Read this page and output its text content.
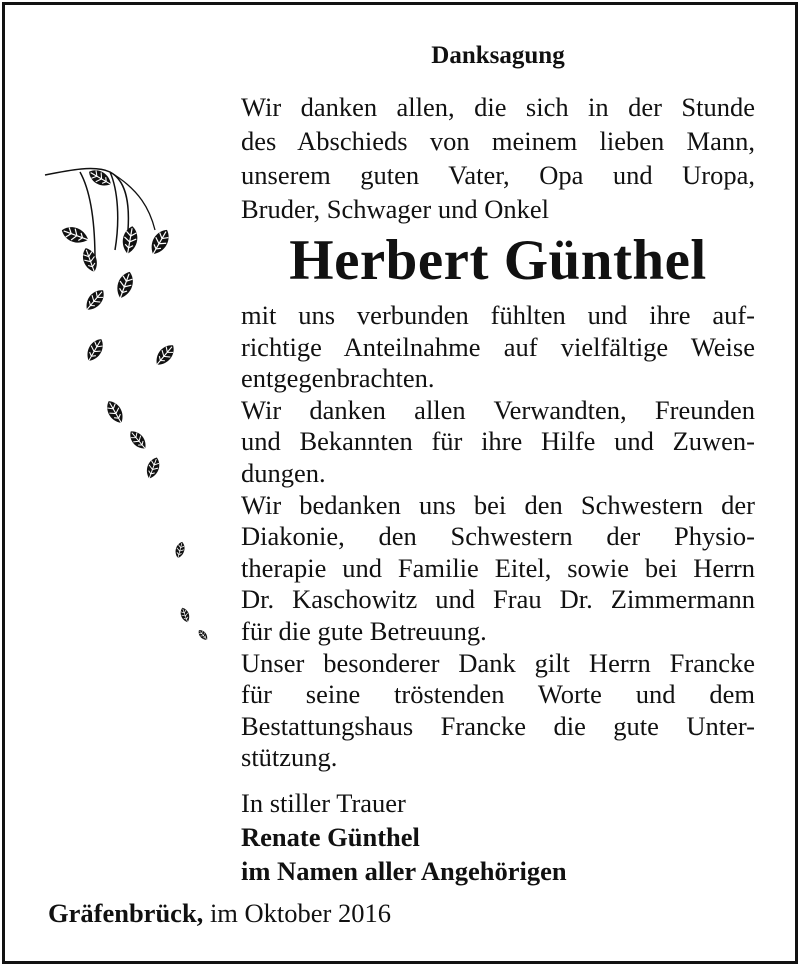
Danksagung
Wir danken allen, die sich in der Stunde
des Abschieds von meinem lieben Mann,
unserem guten Vater, Opa und Uropa,
Bruder, Schwager und Onkel
Herbert Günthel
mit uns verbunden fühlten und ihre auf-
richtige Anteilnahme auf vielfältige Weise
entgegenbrachten.
Wir danken allen Verwandten, Freunden
und Bekannten für ihre Hilfe und Zuwen-
dungen.
Wir bedanken uns bei den Schwestern der
Diakonie, den Schwestern der Physio-
therapie und Familie Eitel, sowie bei Herrn
Dr. Kaschowitz und Frau Dr. Zimmermann
für die gute Betreuung.
Unser besonderer Dank gilt Herrn Francke
für seine tröstenden Worte und dem
Bestattungshaus Francke die gute Unter-
stützung.
In stiller Trauer
Renate Günthel
im Namen aller Angehörigen
Gräfenbrück, im Oktober 2016
